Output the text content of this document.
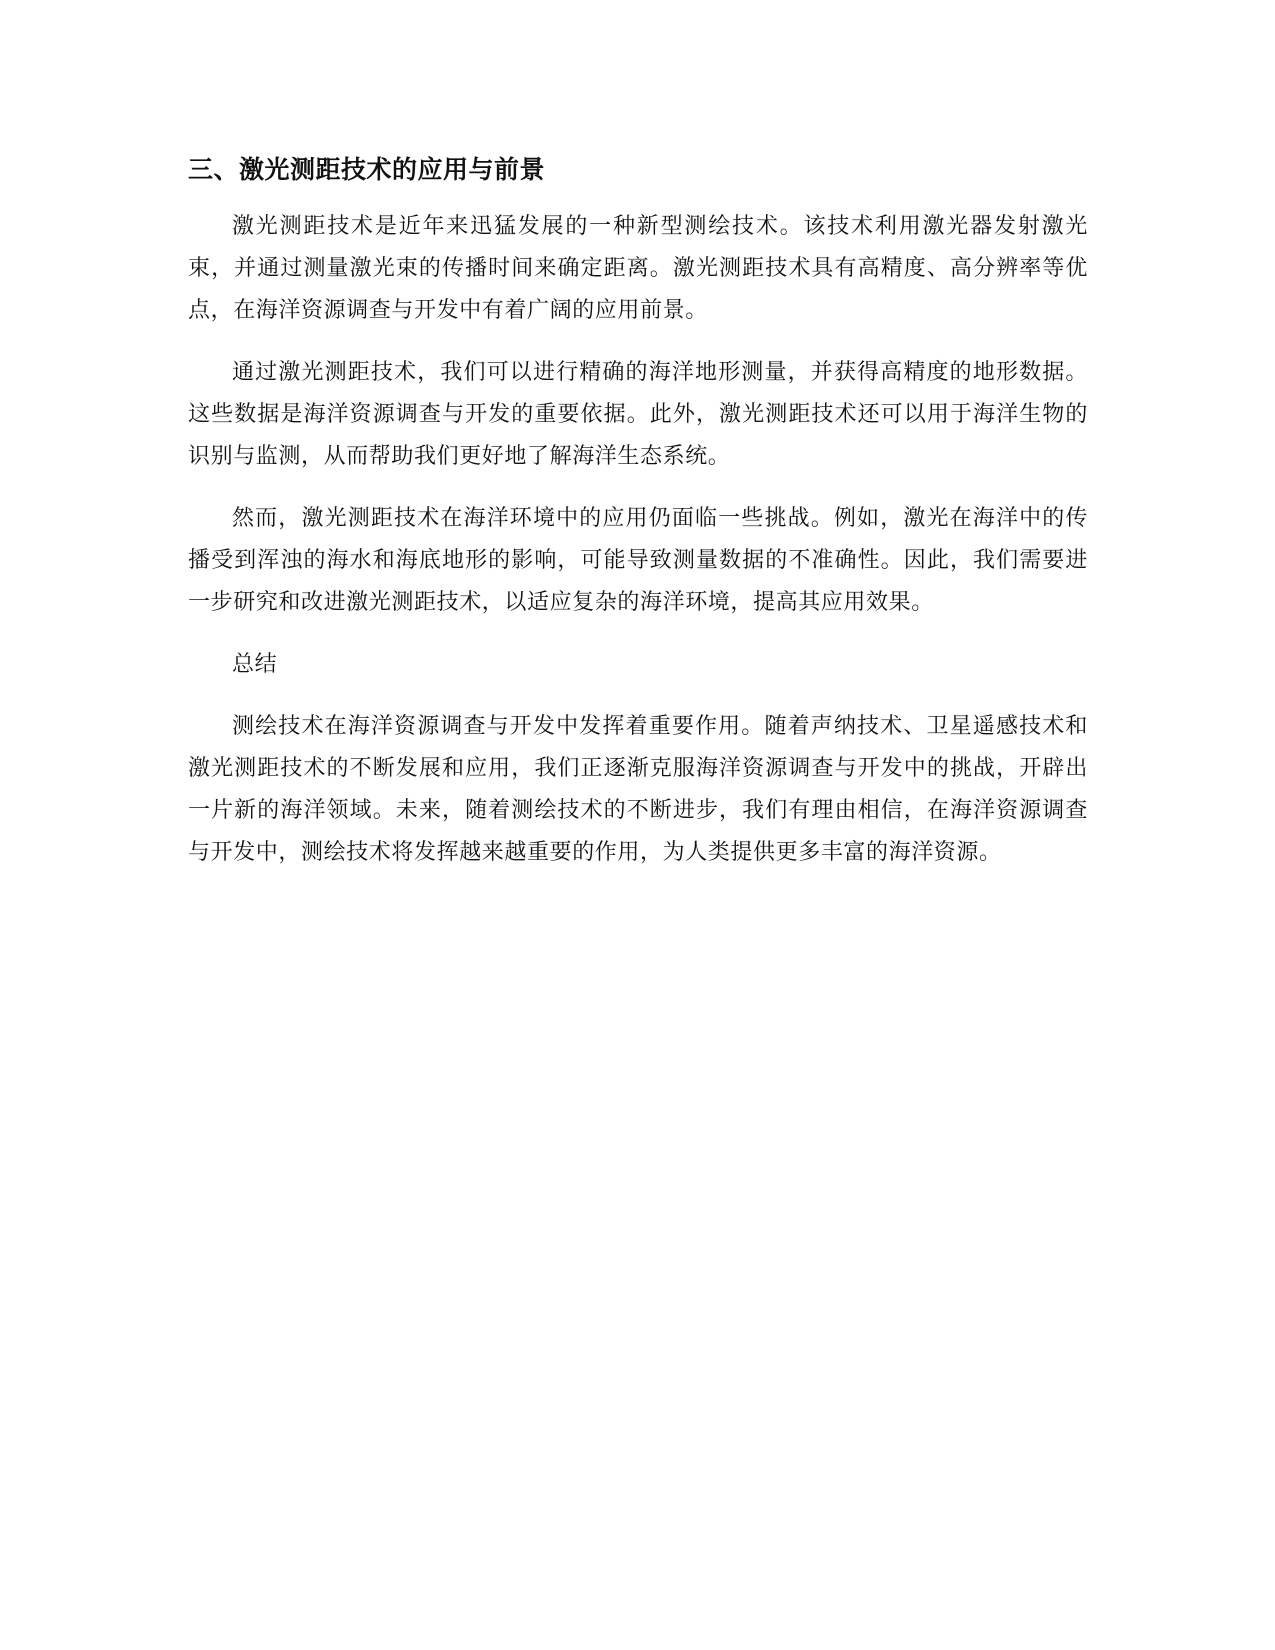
三、激光测距技术的应用与前景

激光测距技术是近年来迅猛发展的一种新型测绘技术。该技术利用激光器发射激光束，并通过测量激光束的传播时间来确定距离。激光测距技术具有高精度、高分辨率等优点，在海洋资源调查与开发中有着广阔的应用前景。

通过激光测距技术，我们可以进行精确的海洋地形测量，并获得高精度的地形数据。这些数据是海洋资源调查与开发的重要依据。此外，激光测距技术还可以用于海洋生物的识别与监测，从而帮助我们更好地了解海洋生态系统。

然而，激光测距技术在海洋环境中的应用仍面临一些挑战。例如，激光在海洋中的传播受到浑浊的海水和海底地形的影响，可能导致测量数据的不准确性。因此，我们需要进一步研究和改进激光测距技术，以适应复杂的海洋环境，提高其应用效果。

总结

测绘技术在海洋资源调查与开发中发挥着重要作用。随着声纳技术、卫星遥感技术和激光测距技术的不断发展和应用，我们正逐渐克服海洋资源调查与开发中的挑战，开辟出一片新的海洋领域。未来，随着测绘技术的不断进步，我们有理由相信，在海洋资源调查与开发中，测绘技术将发挥越来越重要的作用，为人类提供更多丰富的海洋资源。
